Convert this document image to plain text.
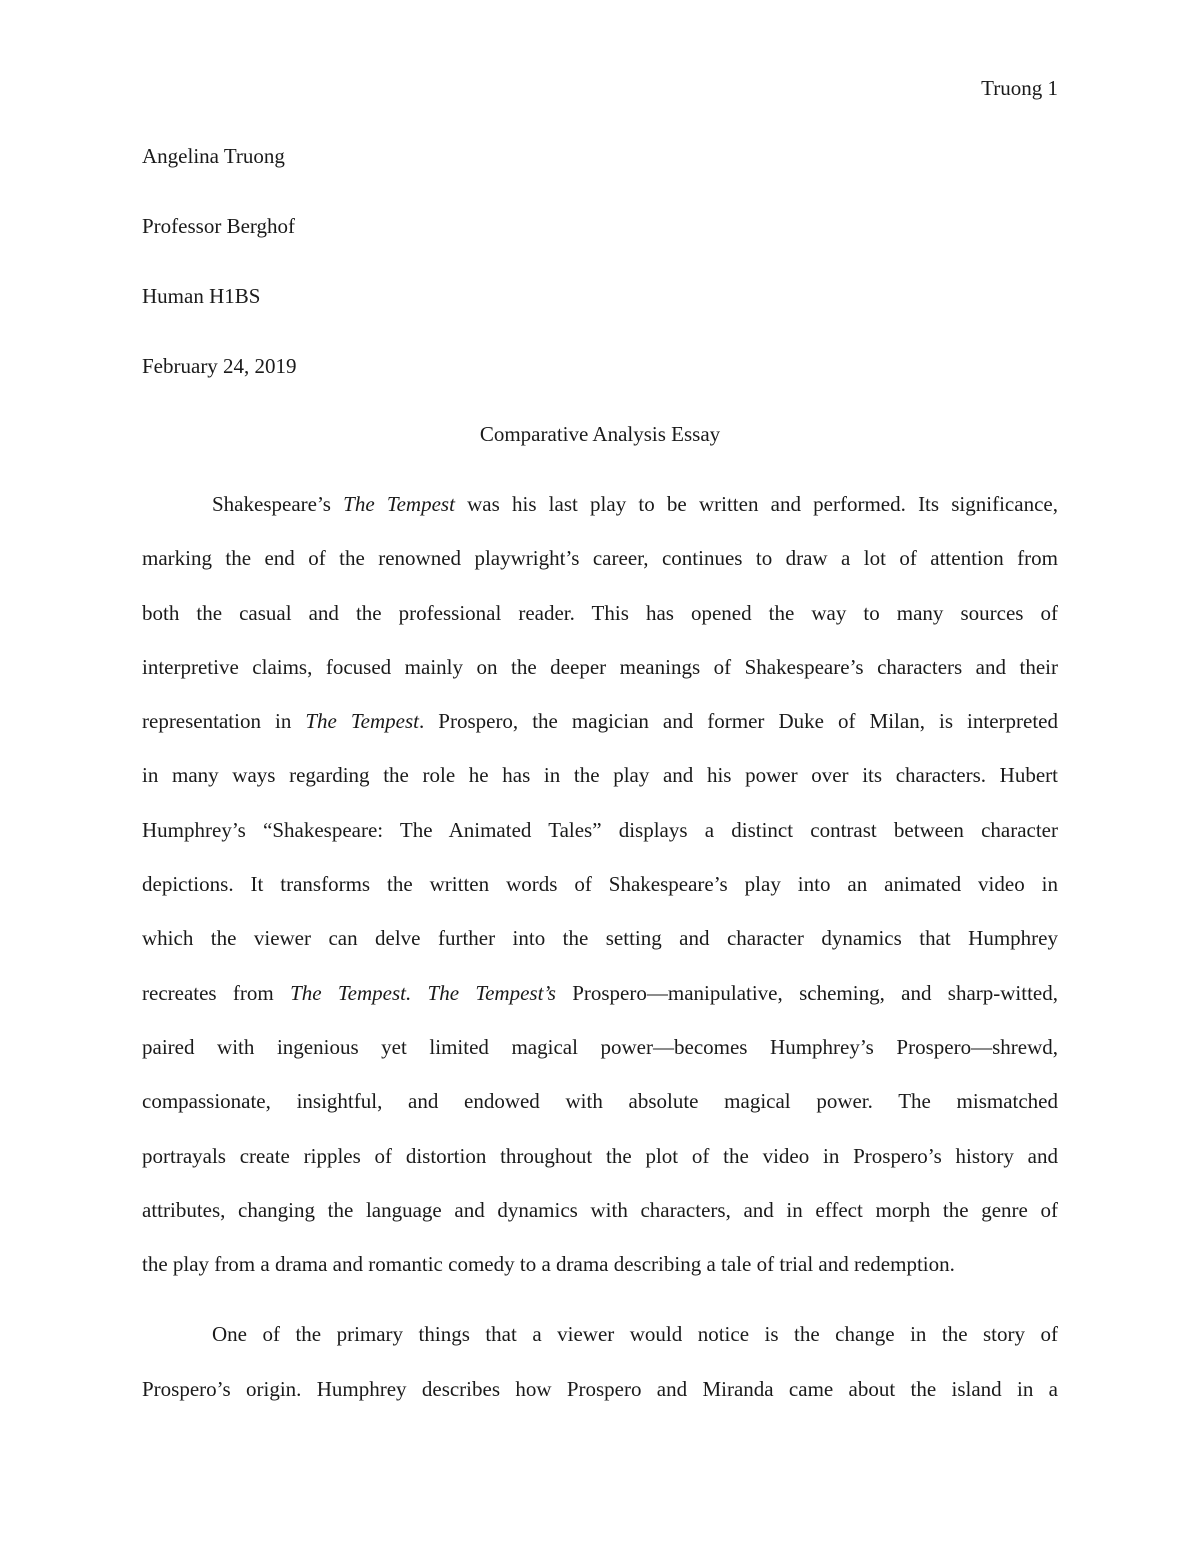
Truong 1
Angelina Truong
Professor Berghof
Human H1BS
February 24, 2019
Comparative Analysis Essay
Shakespeare’s The Tempest was his last play to be written and performed. Its significance,
marking the end of the renowned playwright’s career, continues to draw a lot of attention from
both the casual and the professional reader. This has opened the way to many sources of
interpretive claims, focused mainly on the deeper meanings of Shakespeare’s characters and their
representation in The Tempest. Prospero, the magician and former Duke of Milan, is interpreted
in many ways regarding the role he has in the play and his power over its characters. Hubert
Humphrey’s “Shakespeare: The Animated Tales” displays a distinct contrast between character
depictions. It transforms the written words of Shakespeare’s play into an animated video in
which the viewer can delve further into the setting and character dynamics that Humphrey
recreates from The Tempest. The Tempest’s Prospero—manipulative, scheming, and sharp-witted,
paired with ingenious yet limited magical power—becomes Humphrey’s Prospero—shrewd,
compassionate, insightful, and endowed with absolute magical power. The mismatched
portrayals create ripples of distortion throughout the plot of the video in Prospero’s history and
attributes, changing the language and dynamics with characters, and in effect morph the genre of
the play from a drama and romantic comedy to a drama describing a tale of trial and redemption.
One of the primary things that a viewer would notice is the change in the story of
Prospero’s origin. Humphrey describes how Prospero and Miranda came about the island in a
